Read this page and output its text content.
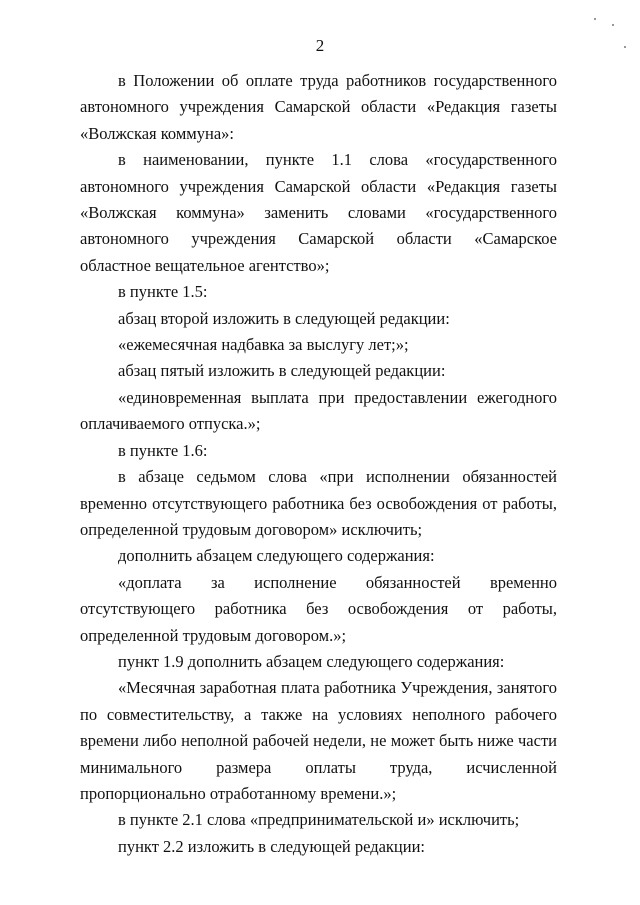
2

в Положении об оплате труда работников государственного автономного учреждения Самарской области «Редакция газеты «Волжская коммуна»:

в наименовании, пункте 1.1 слова «государственного автономного учреждения Самарской области «Редакция газеты «Волжская коммуна» заменить словами «государственного автономного учреждения Самарской области «Самарское областное вещательное агентство»;

в пункте 1.5:

абзац второй изложить в следующей редакции:

«ежемесячная надбавка за выслугу лет;»;

абзац пятый изложить в следующей редакции:

«единовременная выплата при предоставлении ежегодного оплачиваемого отпуска.»;

в пункте 1.6:

в абзаце седьмом слова «при исполнении обязанностей временно отсутствующего работника без освобождения от работы, определенной трудовым договором» исключить;

дополнить абзацем следующего содержания:

«доплата за исполнение обязанностей временно отсутствующего работника без освобождения от работы, определенной трудовым договором.»;

пункт 1.9 дополнить абзацем следующего содержания:

«Месячная заработная плата работника Учреждения, занятого по совместительству, а также на условиях неполного рабочего времени либо неполной рабочей недели, не может быть ниже части минимального размера оплаты труда, исчисленной пропорционально отработанному времени.»;

в пункте 2.1 слова «предпринимательской и» исключить;

пункт 2.2 изложить в следующей редакции:
